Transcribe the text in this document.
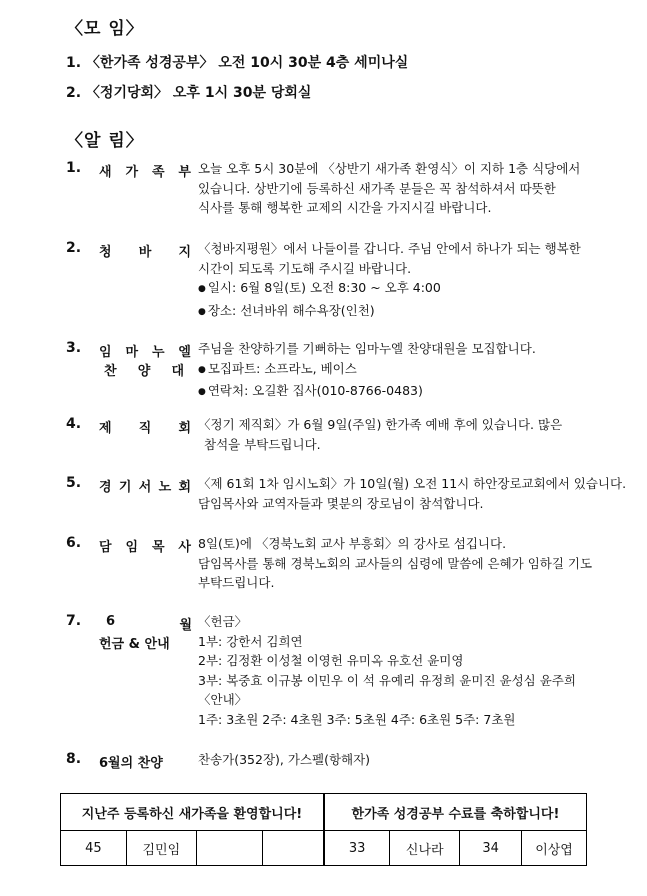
〈모 임〉
1. 〈한가족 성경공부〉 오전 10시 30분 4층 세미나실
2. 〈정기당회〉 오후 1시 30분 당회실
〈알 림〉
1. 새 가 족 부 오늘 오후 5시 30분에 〈상반기 새가족 환영식〉이 지하 1층 식당에서
있습니다. 상반기에 등록하신 새가족 분들은 꼭 참석하셔서 따뜻한
식사를 통해 행복한 교제의 시간을 가지시길 바랍니다.
2. 청 바 지 〈청바지평원〉에서 나들이를 갑니다. 주님 안에서 하나가 되는 행복한
시간이 되도록 기도해 주시길 바랍니다.
● 일시: 6월 8일(토) 오전 8:30 ~ 오후 4:00
● 장소: 선녀바위 해수욕장(인천)
3. 임 마 누 엘
찬 양 대
주님을 찬양하기를 기뻐하는 임마누엘 찬양대원을 모집합니다.
● 모집파트: 소프라노, 베이스
● 연락처: 오길환 집사(010-8766-0483)
4. 제 직 회 〈정기 제직회〉가 6월 9일(주일) 한가족 예배 후에 있습니다. 많은
참석을 부탁드립니다.
5. 경 기 서 노 회 〈제 61회 1차 임시노회〉가 10일(월) 오전 11시 하안장로교회에서 있습니다.
담임목사와 교역자들과 몇분의 장로님이 참석합니다.
6. 담 임 목 사 8일(토)에 〈경북노회 교사 부흥회〉의 강사로 섬깁니다.
담임목사를 통해 경북노회의 교사들의 심령에 말씀에 은혜가 임하길 기도
부탁드립니다.
7. 6	월
헌금 & 안내
〈헌금〉
1부: 강한서 김희연
2부: 김정환 이성철 이영헌 유미옥 유호선 윤미영
3부: 복중효 이규봉 이민우 이 석 유예리 유정희 윤미진 윤성심 윤주희
〈안내〉
1주: 3초원 2주: 4초원 3주: 5초원 4주: 6초원 5주: 7초원
8. 6월의 찬양	찬송가(352장), 가스펠(항해자)
지난주 등록하신 새가족을 환영합니다!				한가족 성경공부 수료를 축하합니다!			
45	김민임			33	신나라	34	이상엽
